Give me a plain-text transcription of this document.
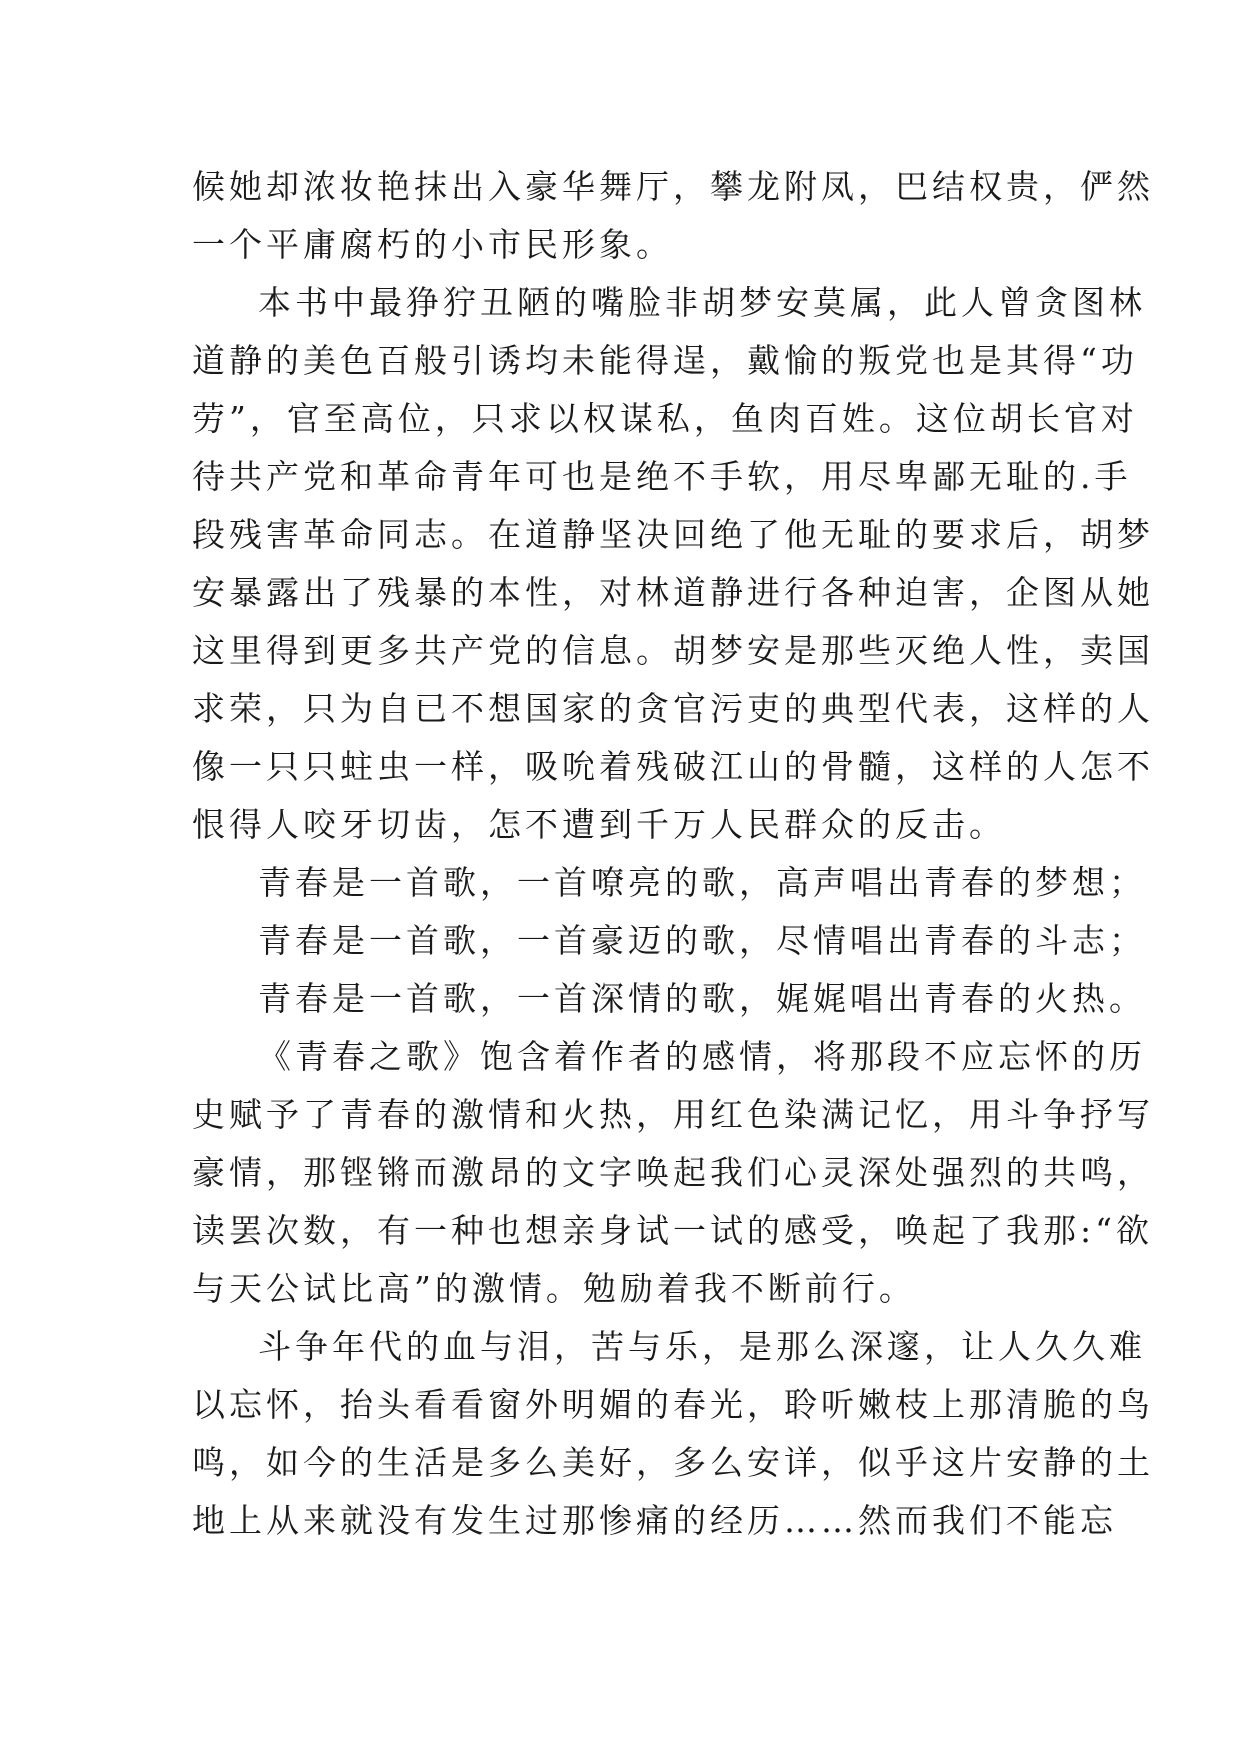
候她却浓妆艳抹出入豪华舞厅，攀龙附凤，巴结权贵，俨然
一个平庸腐朽的小市民形象。
本书中最狰狞丑陋的嘴脸非胡梦安莫属，此人曾贪图林
道静的美色百般引诱均未能得逞，戴愉的叛党也是其得“功
劳”，官至高位，只求以权谋私，鱼肉百姓。这位胡长官对
待共产党和革命青年可也是绝不手软，用尽卑鄙无耻的.手
段残害革命同志。在道静坚决回绝了他无耻的要求后，胡梦
安暴露出了残暴的本性，对林道静进行各种迫害，企图从她
这里得到更多共产党的信息。胡梦安是那些灭绝人性，卖国
求荣，只为自已不想国家的贪官污吏的典型代表，这样的人
像一只只蛀虫一样，吸吮着残破江山的骨髓，这样的人怎不
恨得人咬牙切齿，怎不遭到千万人民群众的反击。
青春是一首歌，一首嘹亮的歌，高声唱出青春的梦想；
青春是一首歌，一首豪迈的歌，尽情唱出青春的斗志；
青春是一首歌，一首深情的歌，娓娓唱出青春的火热。
《青春之歌》饱含着作者的感情，将那段不应忘怀的历
史赋予了青春的激情和火热，用红色染满记忆，用斗争抒写
豪情，那铿锵而激昂的文字唤起我们心灵深处强烈的共鸣，
读罢次数，有一种也想亲身试一试的感受，唤起了我那:“欲
与天公试比高”的激情。勉励着我不断前行。
斗争年代的血与泪，苦与乐，是那么深邃，让人久久难
以忘怀，抬头看看窗外明媚的春光，聆听嫩枝上那清脆的鸟
鸣，如今的生活是多么美好，多么安详，似乎这片安静的土
地上从来就没有发生过那惨痛的经历……然而我们不能忘
